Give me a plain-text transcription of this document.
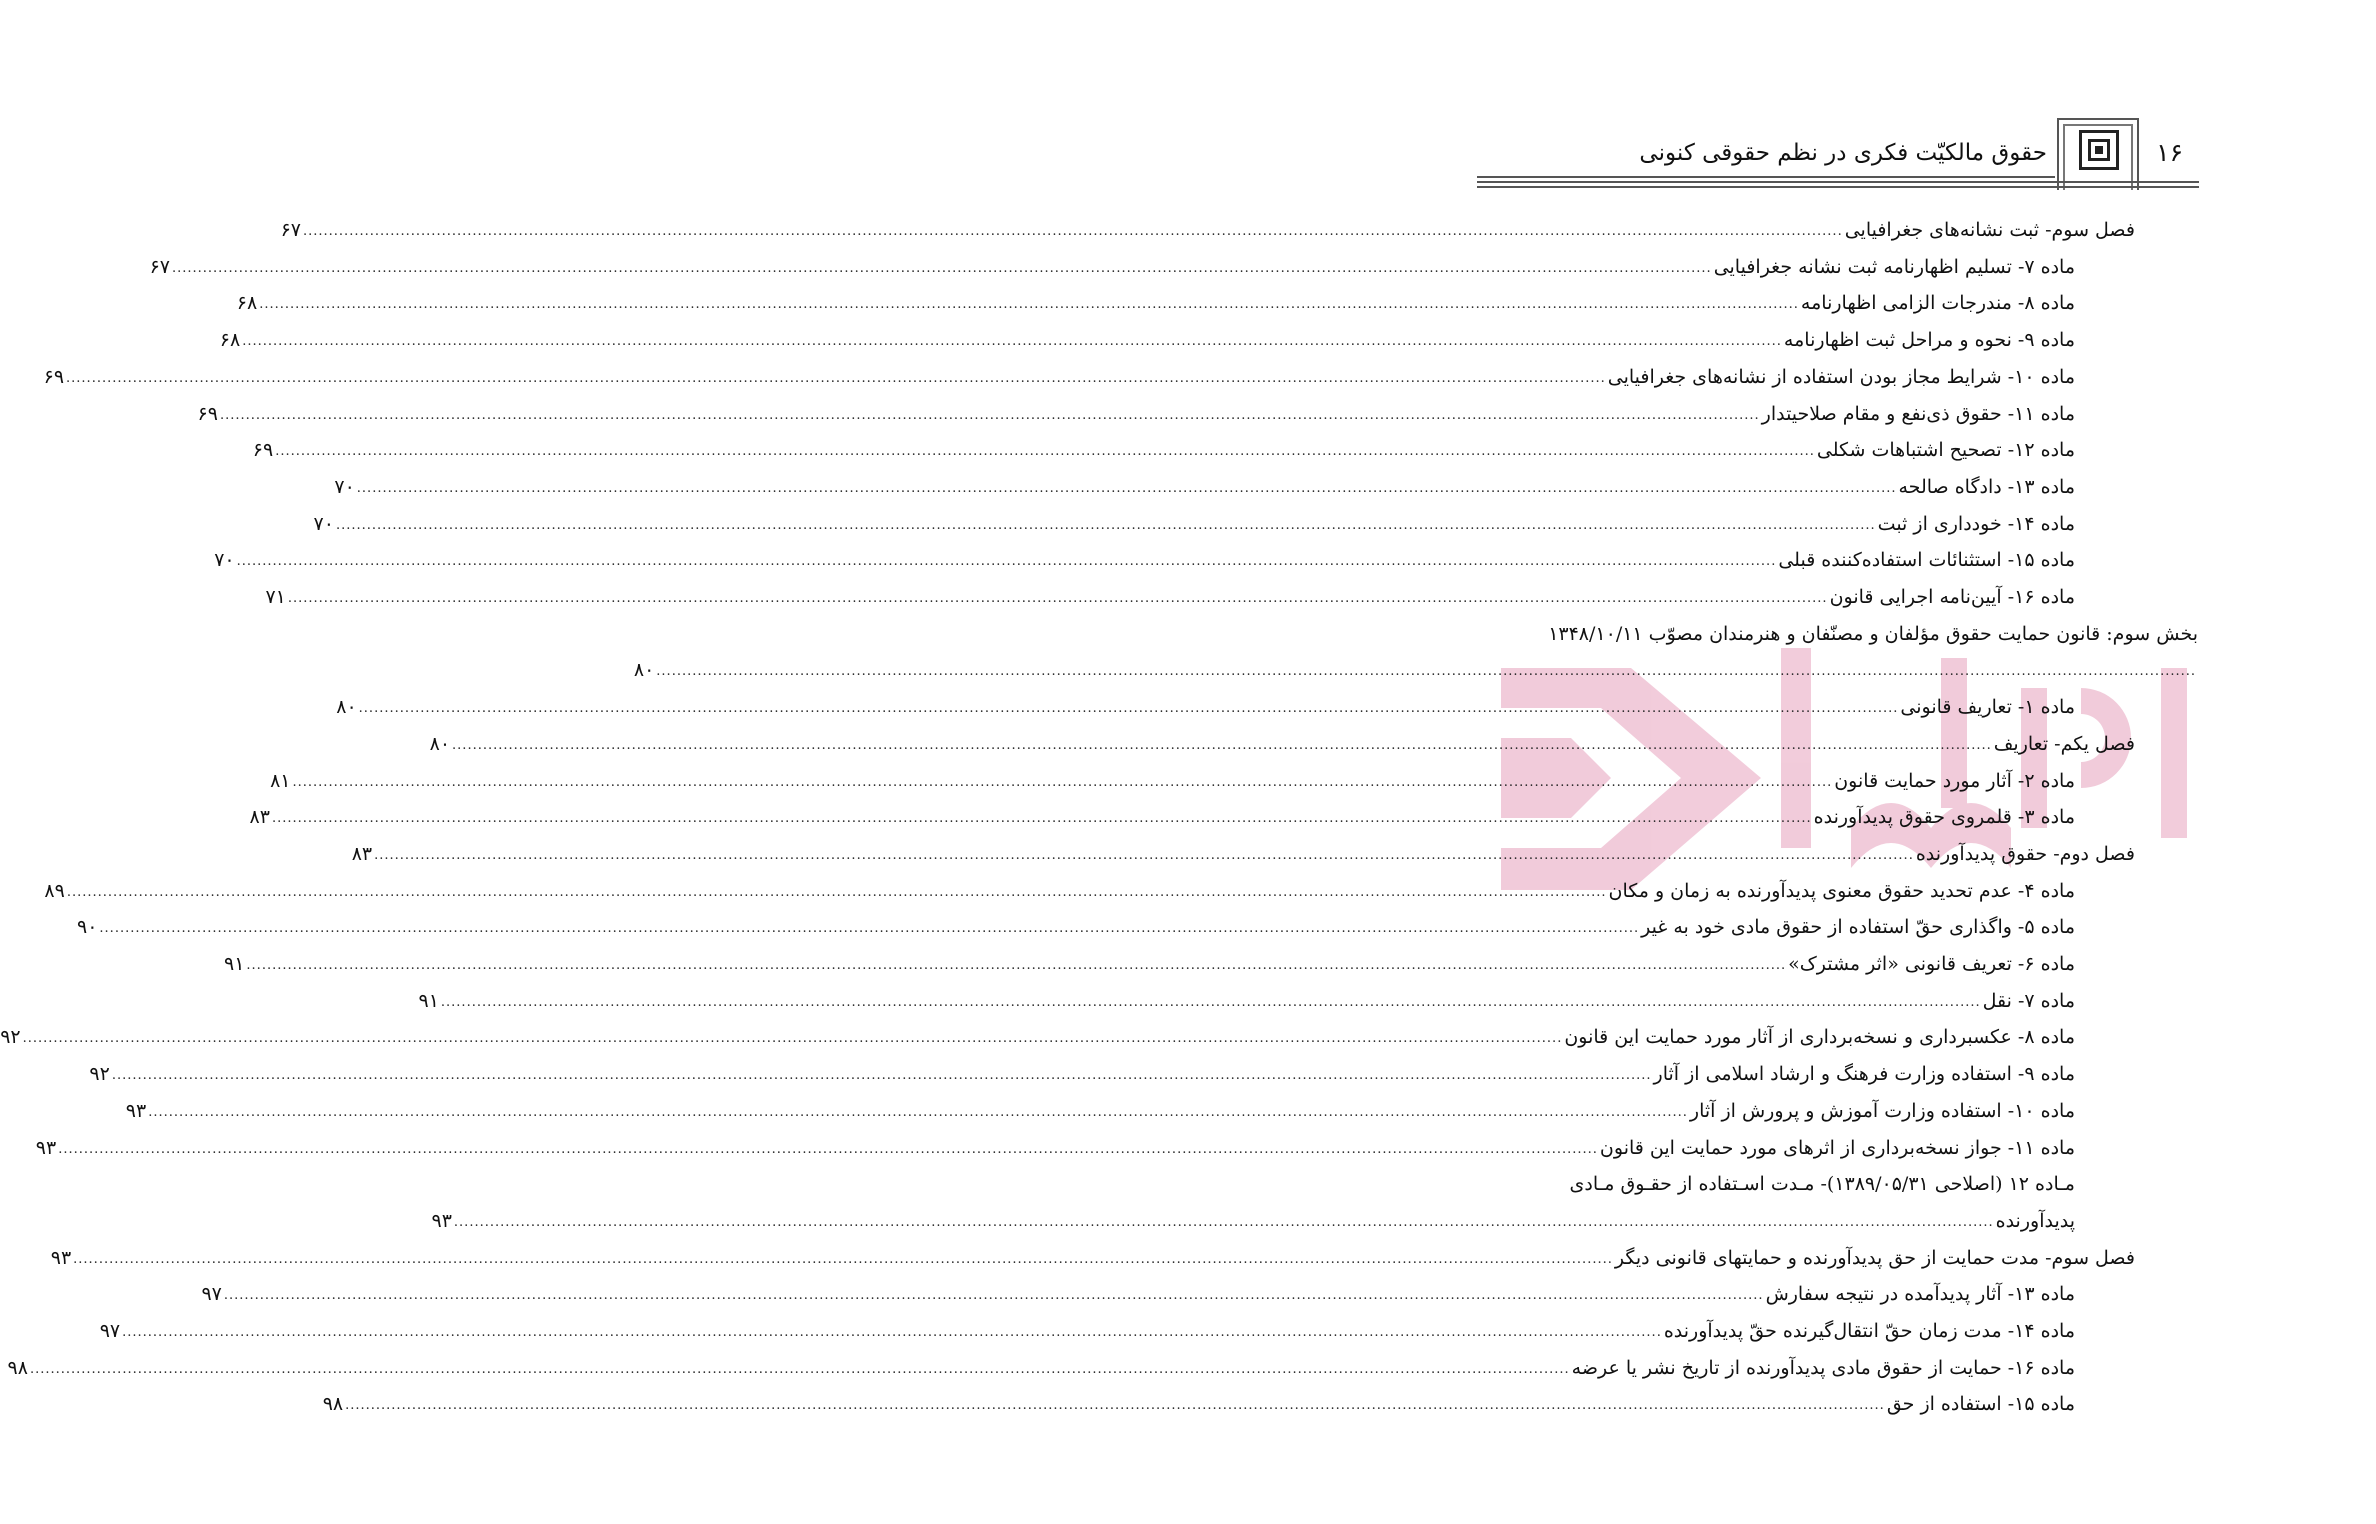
حقوق مالکیّت فکری در نظم حقوقی کنونی	۱۶
فصل سوم- ثبت نشانه‌های جغرافیایی
............................................................................................................................................................................................................................................................................................................
۶۷
ماده ۷- تسلیم اظهارنامه ثبت نشانه جغرافیایی
............................................................................................................................................................................................................................................................................................................
۶۷
ماده ۸- مندرجات الزامی اظهارنامه
............................................................................................................................................................................................................................................................................................................
۶۸
ماده ۹- نحوه و مراحل ثبت اظهارنامه
............................................................................................................................................................................................................................................................................................................
۶۸
ماده ۱۰- شرایط مجاز بودن استفاده از نشانه‌های جغرافیایی
............................................................................................................................................................................................................................................................................................................
۶۹
ماده ۱۱- حقوق ذی‌نفع و مقام صلاحیتدار
............................................................................................................................................................................................................................................................................................................
۶۹
ماده ۱۲- تصحیح اشتباهات شکلی
............................................................................................................................................................................................................................................................................................................
۶۹
ماده ۱۳- دادگاه صالحه
............................................................................................................................................................................................................................................................................................................
۷۰
ماده ۱۴- خودداری از ثبت
............................................................................................................................................................................................................................................................................................................
۷۰
ماده ۱۵- استثنائات استفاده‌کننده قبلی
............................................................................................................................................................................................................................................................................................................
۷۰
ماده ۱۶- آیین‌نامه اجرایی قانون
............................................................................................................................................................................................................................................................................................................
۷۱
بخش سوم: قانون حمایت حقوق مؤلفان و مصنّفان و هنرمندان مصوّب ۱۳۴۸/۱۰/۱۱
............................................................................................................................................................................................................................................................................................................
۸۰
ماده ۱- تعاریف قانونی
............................................................................................................................................................................................................................................................................................................
۸۰
فصل یکم- تعاریف
............................................................................................................................................................................................................................................................................................................
۸۰
ماده ۲- آثار مورد حمایت قانون
............................................................................................................................................................................................................................................................................................................
۸۱
ماده ۳- قلمروی حقوق پدیدآورنده
............................................................................................................................................................................................................................................................................................................
۸۳
فصل دوم- حقوق پدیدآورنده
............................................................................................................................................................................................................................................................................................................
۸۳
ماده ۴- عدم تحدید حقوق معنوی پدیدآورنده به زمان و مکان
............................................................................................................................................................................................................................................................................................................
۸۹
ماده ۵- واگذاری حقّ استفاده از حقوق مادی خود به غیر
............................................................................................................................................................................................................................................................................................................
۹۰
ماده ۶- تعریف قانونی «اثر مشترک»
............................................................................................................................................................................................................................................................................................................
۹۱
ماده ۷- نقل
............................................................................................................................................................................................................................................................................................................
۹۱
ماده ۸- عکسبرداری و نسخه‌برداری از آثار مورد حمایت این قانون
............................................................................................................................................................................................................................................................................................................
۹۲
ماده ۹- استفاده وزارت فرهنگ و ارشاد اسلامی از آثار
............................................................................................................................................................................................................................................................................................................
۹۲
ماده ۱۰- استفاده وزارت آموزش و پرورش از آثار
............................................................................................................................................................................................................................................................................................................
۹۳
ماده ۱۱- جواز نسخه‌برداری از اثرهای مورد حمایت این قانون
............................................................................................................................................................................................................................................................................................................
۹۳
مـاده ۱۲ (اصلاحی ۱۳۸۹/۰۵/۳۱)- مـدت اسـتفاده از حقـوق مـادی
پدیدآورنده
............................................................................................................................................................................................................................................................................................................
۹۳
فصل سوم- مدت حمایت از حق پدیدآورنده و حمایتهای قانونی دیگر
............................................................................................................................................................................................................................................................................................................
۹۳
ماده ۱۳- آثار پدیدآمده در نتیجه سفارش
............................................................................................................................................................................................................................................................................................................
۹۷
ماده ۱۴- مدت زمان حقّ انتقال‌گیرنده حقّ پدیدآورنده
............................................................................................................................................................................................................................................................................................................
۹۷
ماده ۱۶- حمایت از حقوق مادی پدیدآورنده از تاریخ نشر یا عرضه
............................................................................................................................................................................................................................................................................................................
۹۸
ماده ۱۵- استفاده از حق
............................................................................................................................................................................................................................................................................................................
۹۸
